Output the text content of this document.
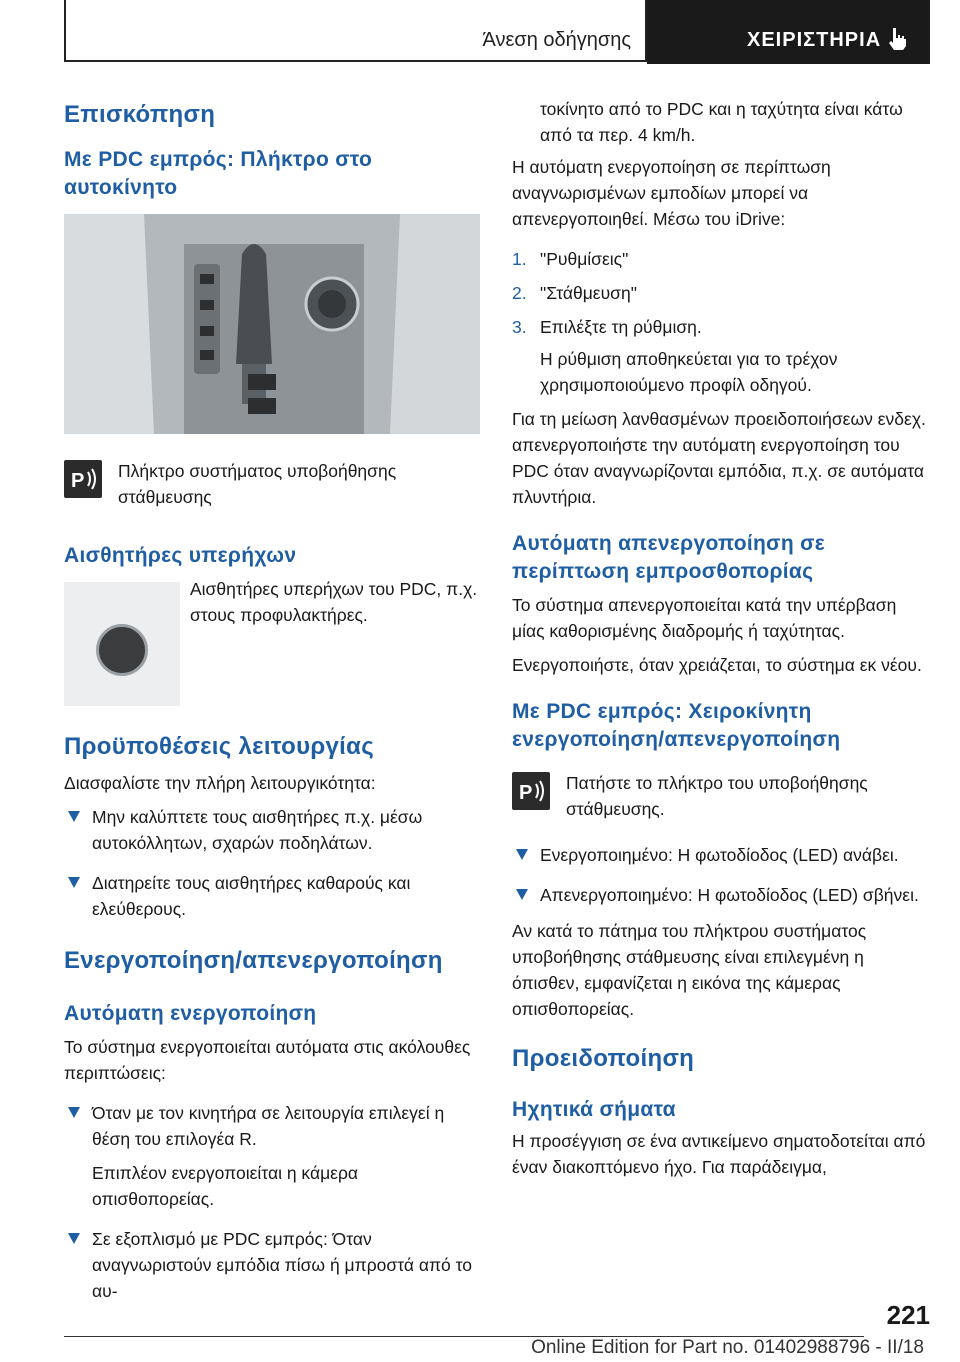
Άνεση οδήγησης	ΧΕΙΡΙΣΤΗΡΙΑ
Επισκόπηση
Με PDC εμπρός: Πλήκτρο στο αυτοκίνητο
P Πλήκτρο συστήματος υποβοήθησης στάθμευσης
Αισθητήρες υπερήχων
Αισθητήρες υπερήχων του PDC, π.χ. στους προφυλακτήρες.
Προϋποθέσεις λειτουργίας

Διασφαλίστε την πλήρη λειτουργικότητα:

Μην καλύπτετε τους αισθητήρες π.χ. μέσω αυτοκόλλητων, σχαρών ποδηλάτων.
Διατηρείτε τους αισθητήρες καθαρούς και ελεύθερους.
Ενεργοποίηση/απενεργοποίηση
Αυτόματη ενεργοποίηση

Το σύστημα ενεργοποιείται αυτόματα στις ακόλουθες περιπτώσεις:

Όταν με τον κινητήρα σε λειτουργία επιλεγεί η θέση του επιλογέα R.
Επιπλέον ενεργοποιείται η κάμερα οπισθοπορείας.
Σε εξοπλισμό με PDC εμπρός: Όταν αναγνωριστούν εμπόδια πίσω ή μπροστά από το αυ-
τοκίνητο από το PDC και η ταχύτητα είναι κάτω από τα περ. 4 km/h.

Η αυτόματη ενεργοποίηση σε περίπτωση αναγνωρισμένων εμποδίων μπορεί να απενεργοποιηθεί. Μέσω του iDrive:

1. "Ρυθμίσεις"
2. "Στάθμευση"
3. Επιλέξτε τη ρύθμιση.
Η ρύθμιση αποθηκεύεται για το τρέχον χρησιμοποιούμενο προφίλ οδηγού.

Για τη μείωση λανθασμένων προειδοποιήσεων ενδεχ. απενεργοποιήστε την αυτόματη ενεργοποίηση του PDC όταν αναγνωρίζονται εμπόδια, π.χ. σε αυτόματα πλυντήρια.

Αυτόματη απενεργοποίηση σε περίπτωση εμπροσθοπορίας

Το σύστημα απενεργοποιείται κατά την υπέρβαση μίας καθορισμένης διαδρομής ή ταχύτητας.

Ενεργοποιήστε, όταν χρειάζεται, το σύστημα εκ νέου.

Με PDC εμπρός: Χειροκίνητη ενεργοποίηση/απενεργοποίηση
P Πατήστε το πλήκτρο του υποβοήθησης στάθμευσης.
Ενεργοποιημένο: Η φωτοδίοδος (LED) ανάβει.
Απενεργοποιημένο: Η φωτοδίοδος (LED) σβήνει.

Αν κατά το πάτημα του πλήκτρου συστήματος υποβοήθησης στάθμευσης είναι επιλεγμένη η όπισθεν, εμφανίζεται η εικόνα της κάμερας οπισθοπορείας.

Προειδοποίηση
Ηχητικά σήματα

Η προσέγγιση σε ένα αντικείμενο σηματοδοτείται από έναν διακοπτόμενο ήχο. Για παράδειγμα,

221
Online Edition for Part no. 01402988796 - II/18
